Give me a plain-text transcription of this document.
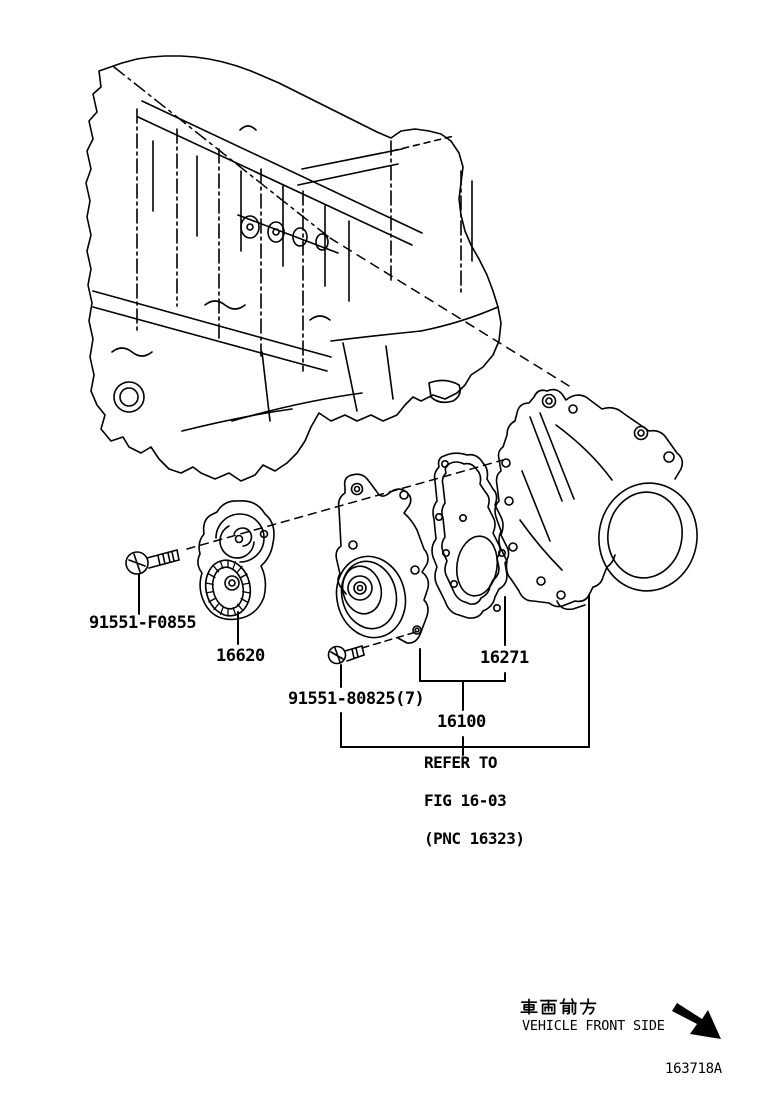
91551-F0855
16620
91551-80825(7)
16271
16100
REFER TO

FIG 16-03

(PNC 16323)
VEHICLE FRONT SIDE
163718A
